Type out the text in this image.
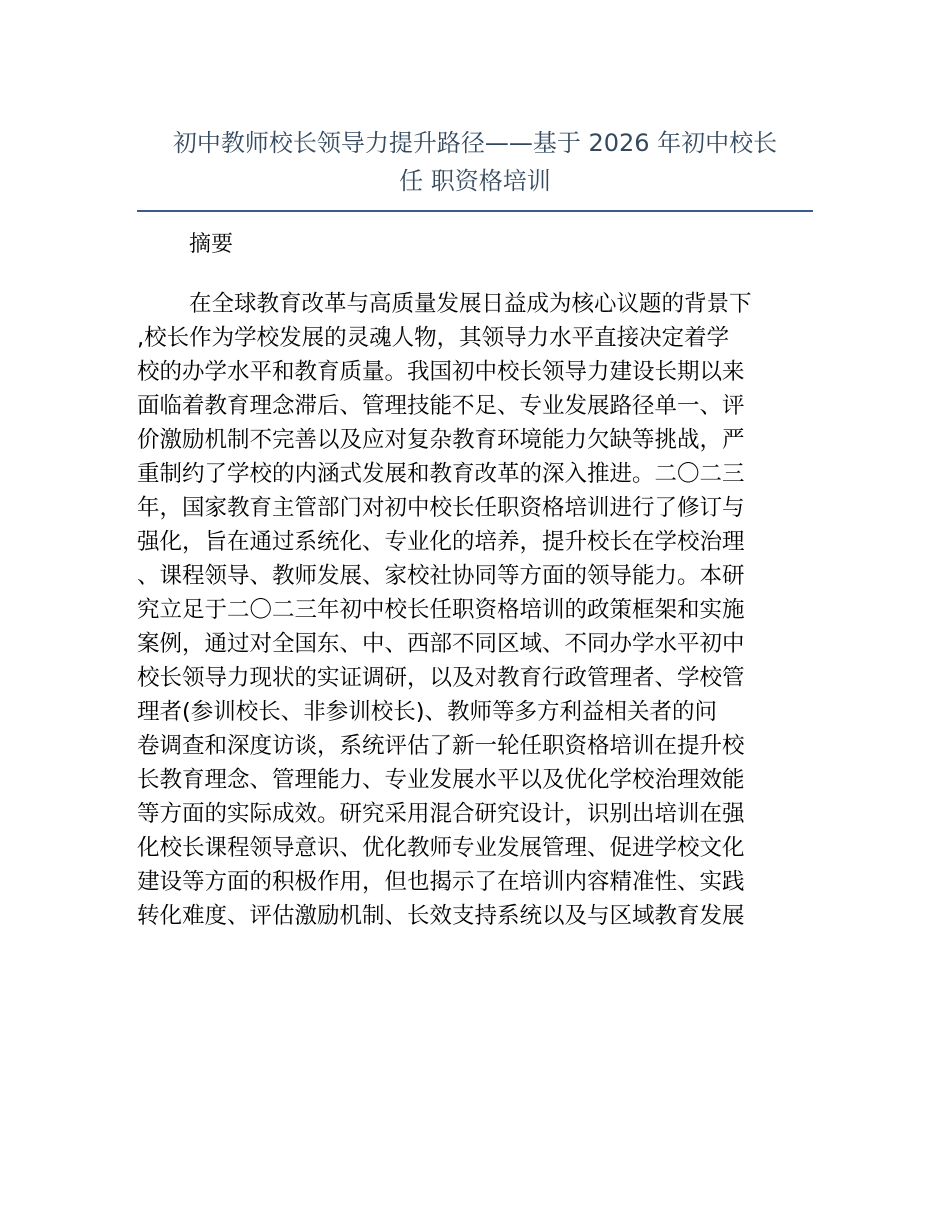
初中教师校长领导力提升路径——基于 2026 年初中校长
任 职资格培训
摘要
在全球教育改革与高质量发展日益成为核心议题的背景下
,校长作为学校发展的灵魂人物，其领导力水平直接决定着学
校的办学水平和教育质量。我国初中校长领导力建设长期以来
面临着教育理念滞后、管理技能不足、专业发展路径单一、评
价激励机制不完善以及应对复杂教育环境能力欠缺等挑战，严
重制约了学校的内涵式发展和教育改革的深入推进。二〇二三
年，国家教育主管部门对初中校长任职资格培训进行了修订与
强化，旨在通过系统化、专业化的培养，提升校长在学校治理
、课程领导、教师发展、家校社协同等方面的领导能力。本研
究立足于二〇二三年初中校长任职资格培训的政策框架和实施
案例，通过对全国东、中、西部不同区域、不同办学水平初中
校长领导力现状的实证调研，以及对教育行政管理者、学校管
理者(参训校长、非参训校长)、教师等多方利益相关者的问
卷调查和深度访谈，系统评估了新一轮任职资格培训在提升校
长教育理念、管理能力、专业发展水平以及优化学校治理效能
等方面的实际成效。研究采用混合研究设计，识别出培训在强
化校长课程领导意识、优化教师专业发展管理、促进学校文化
建设等方面的积极作用，但也揭示了在培训内容精准性、实践
转化难度、评估激励机制、长效支持系统以及与区域教育发展
